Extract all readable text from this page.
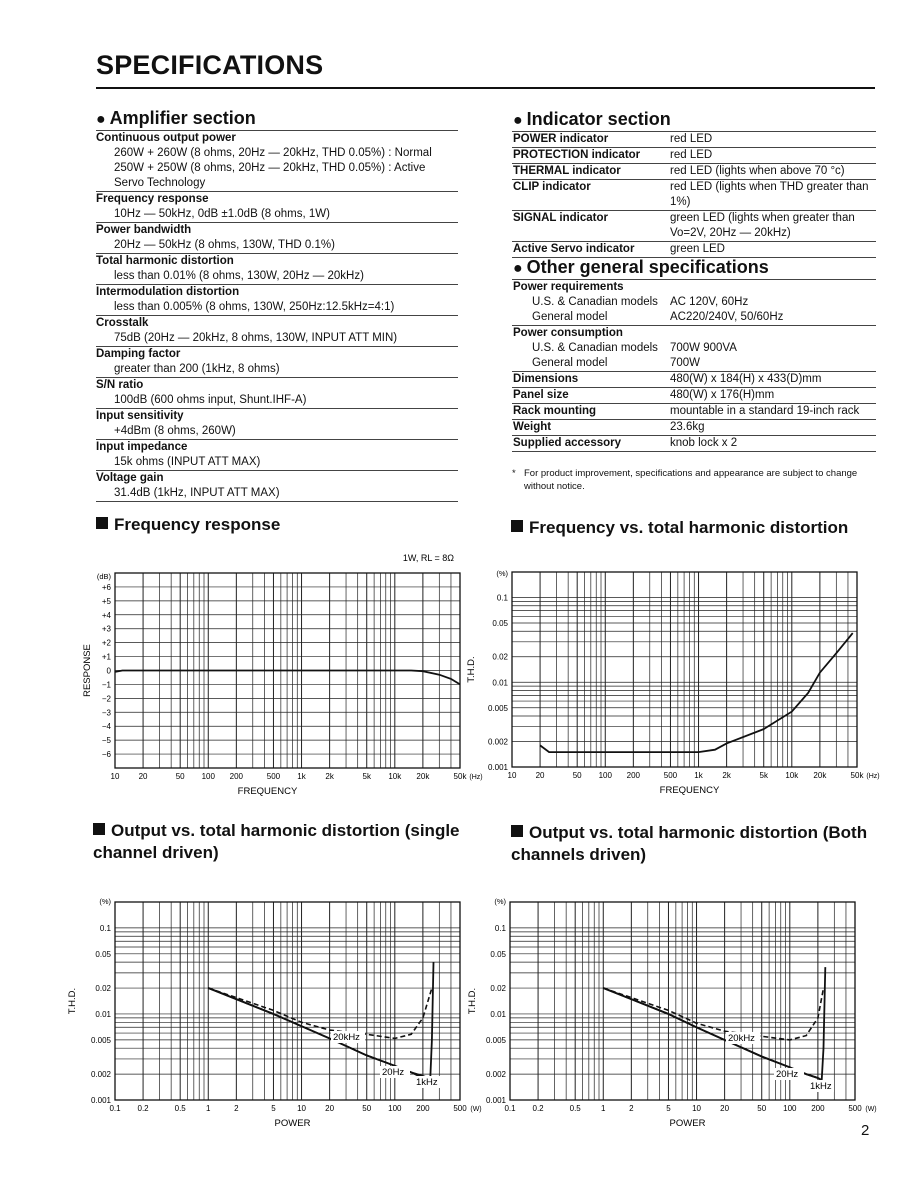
SPECIFICATIONS
● Amplifier section
Continuous output power
260W + 260W (8 ohms, 20Hz — 20kHz, THD 0.05%) : Normal
250W + 250W (8 ohms, 20Hz — 20kHz, THD 0.05%) : Active
Servo Technology
Frequency response
10Hz — 50kHz, 0dB ±1.0dB (8 ohms, 1W)
Power bandwidth
20Hz — 50kHz (8 ohms, 130W, THD 0.1%)
Total harmonic distortion
less than 0.01% (8 ohms, 130W, 20Hz — 20kHz)
Intermodulation distortion
less than 0.005% (8 ohms, 130W, 250Hz:12.5kHz=4:1)
Crosstalk
75dB (20Hz — 20kHz, 8 ohms, 130W, INPUT ATT MIN)
Damping factor
greater than 200 (1kHz, 8 ohms)
S/N ratio
100dB (600 ohms input, Shunt.IHF-A)
Input sensitivity
+4dBm (8 ohms, 260W)
Input impedance
15k ohms (INPUT ATT MAX)
Voltage gain
31.4dB (1kHz, INPUT ATT MAX)
● Indicator section
POWER indicator	red LED
PROTECTION indicator	red LED
THERMAL indicator	red LED (lights when above 70 °c)
CLIP indicator	red LED (lights when THD greater than 1%)
SIGNAL indicator	green LED (lights when greater than Vo=2V, 20Hz — 20kHz)
Active Servo indicator	green LED
● Other general specifications
Power requirements	
U.S. & Canadian models	AC 120V, 60Hz
General model	AC220/240V, 50/60Hz
Power consumption	
U.S. & Canadian models	700W 900VA
General model	700W
Dimensions	480(W) x 184(H) x 433(D)mm
Panel size	480(W) x 176(H)mm
Rack mounting	mountable in a standard 19-inch rack
Weight	23.6kg
Supplied accessory	knob lock x 2
* For product improvement, specifications and appearance are subject to change without notice.
Frequency response	Frequency vs. total harmonic distortion
Output vs. total harmonic distortion (single channel driven)
Output vs. total harmonic distortion (Both channels driven)
10 20	50 100 200	500 1k 2k	5k 10k 20k	50k (Hz)
+6
+5
+4
+3
+2
+1
0
−1
−2
−3
−4
−5
−6
(dB)
FREQUENCY
RESPONSE
1W, RL = 8Ω
10 20	50 100 200	500 1k 2k	5k 10k 20k	50k (Hz)
0.1
0.05
0.02
0.01
0.005
0.002
0.001
(%)
FREQUENCY
T.H.D.
0.1 0.2	0.5	1	2	5	10 20	50 100 200	500 (W)
0.1
0.05
0.02
0.01
0.005
0.002
0.001
(%)
POWER
T.H.D.
20kHz
20Hz
1kHz
0.1 0.2	0.5	1	2	5	10 20	50 100 200	500 (W)
0.1
0.05
0.02
0.01
0.005
0.002
0.001
(%)
POWER
T.H.D.
20kHz
20Hz
1kHz
2
